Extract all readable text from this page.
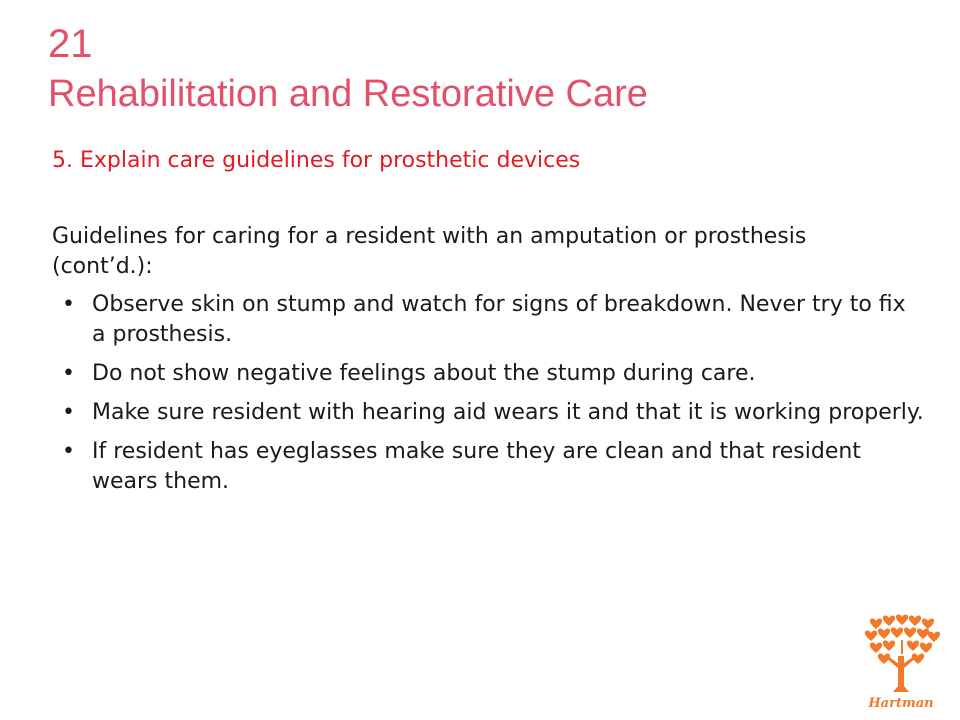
21
Rehabilitation and Restorative Care
5. Explain care guidelines for prosthetic devices
Guidelines for caring for a resident with an amputation or prosthesis (cont’d.):
• Observe skin on stump and watch for signs of breakdown. Never try to fix a prosthesis.
• Do not show negative feelings about the stump during care.
• Make sure resident with hearing aid wears it and that it is working properly.
• If resident has eyeglasses make sure they are clean and that resident wears them.
Hartman
